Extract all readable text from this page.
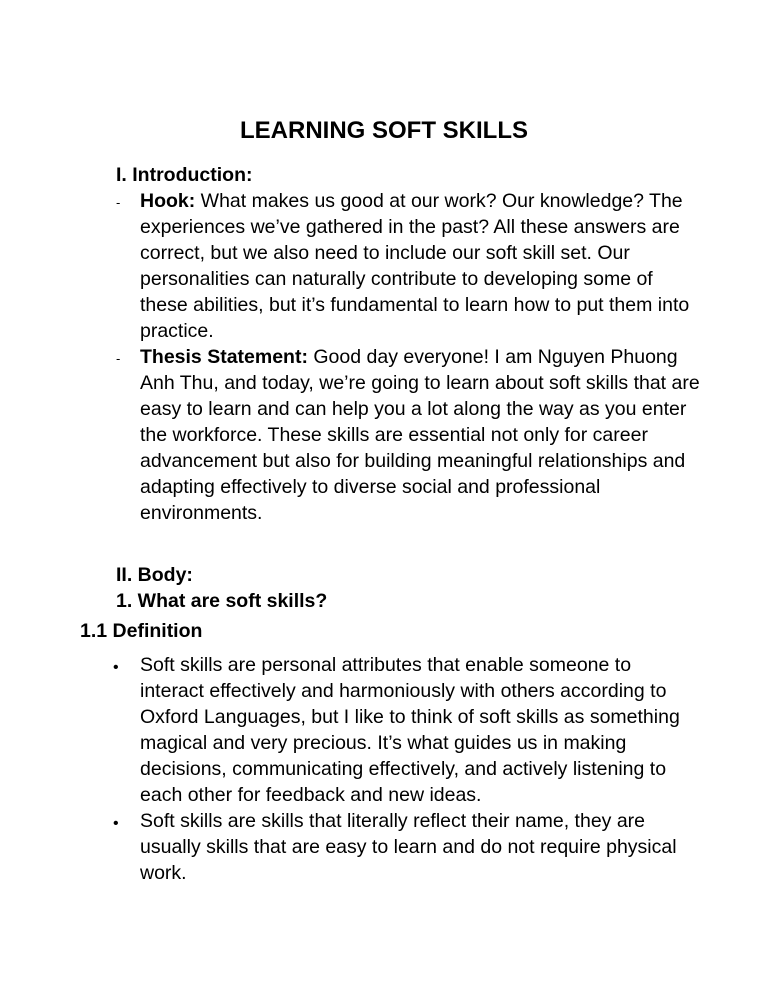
LEARNING SOFT SKILLS
I. Introduction:
- Hook: What makes us good at our work? Our knowledge? The experiences we’ve gathered in the past? All these answers are correct, but we also need to include our soft skill set. Our personalities can naturally contribute to developing some of these abilities, but it’s fundamental to learn how to put them into practice.
- Thesis Statement: Good day everyone! I am Nguyen Phuong Anh Thu, and today, we’re going to learn about soft skills that are easy to learn and can help you a lot along the way as you enter the workforce. These skills are essential not only for career advancement but also for building meaningful relationships and adapting effectively to diverse social and professional environments.
II. Body:
1. What are soft skills?
1.1 Definition
• Soft skills are personal attributes that enable someone to interact effectively and harmoniously with others according to Oxford Languages, but I like to think of soft skills as something magical and very precious. It’s what guides us in making decisions, communicating effectively, and actively listening to each other for feedback and new ideas.
• Soft skills are skills that literally reflect their name, they are usually skills that are easy to learn and do not require physical work.
